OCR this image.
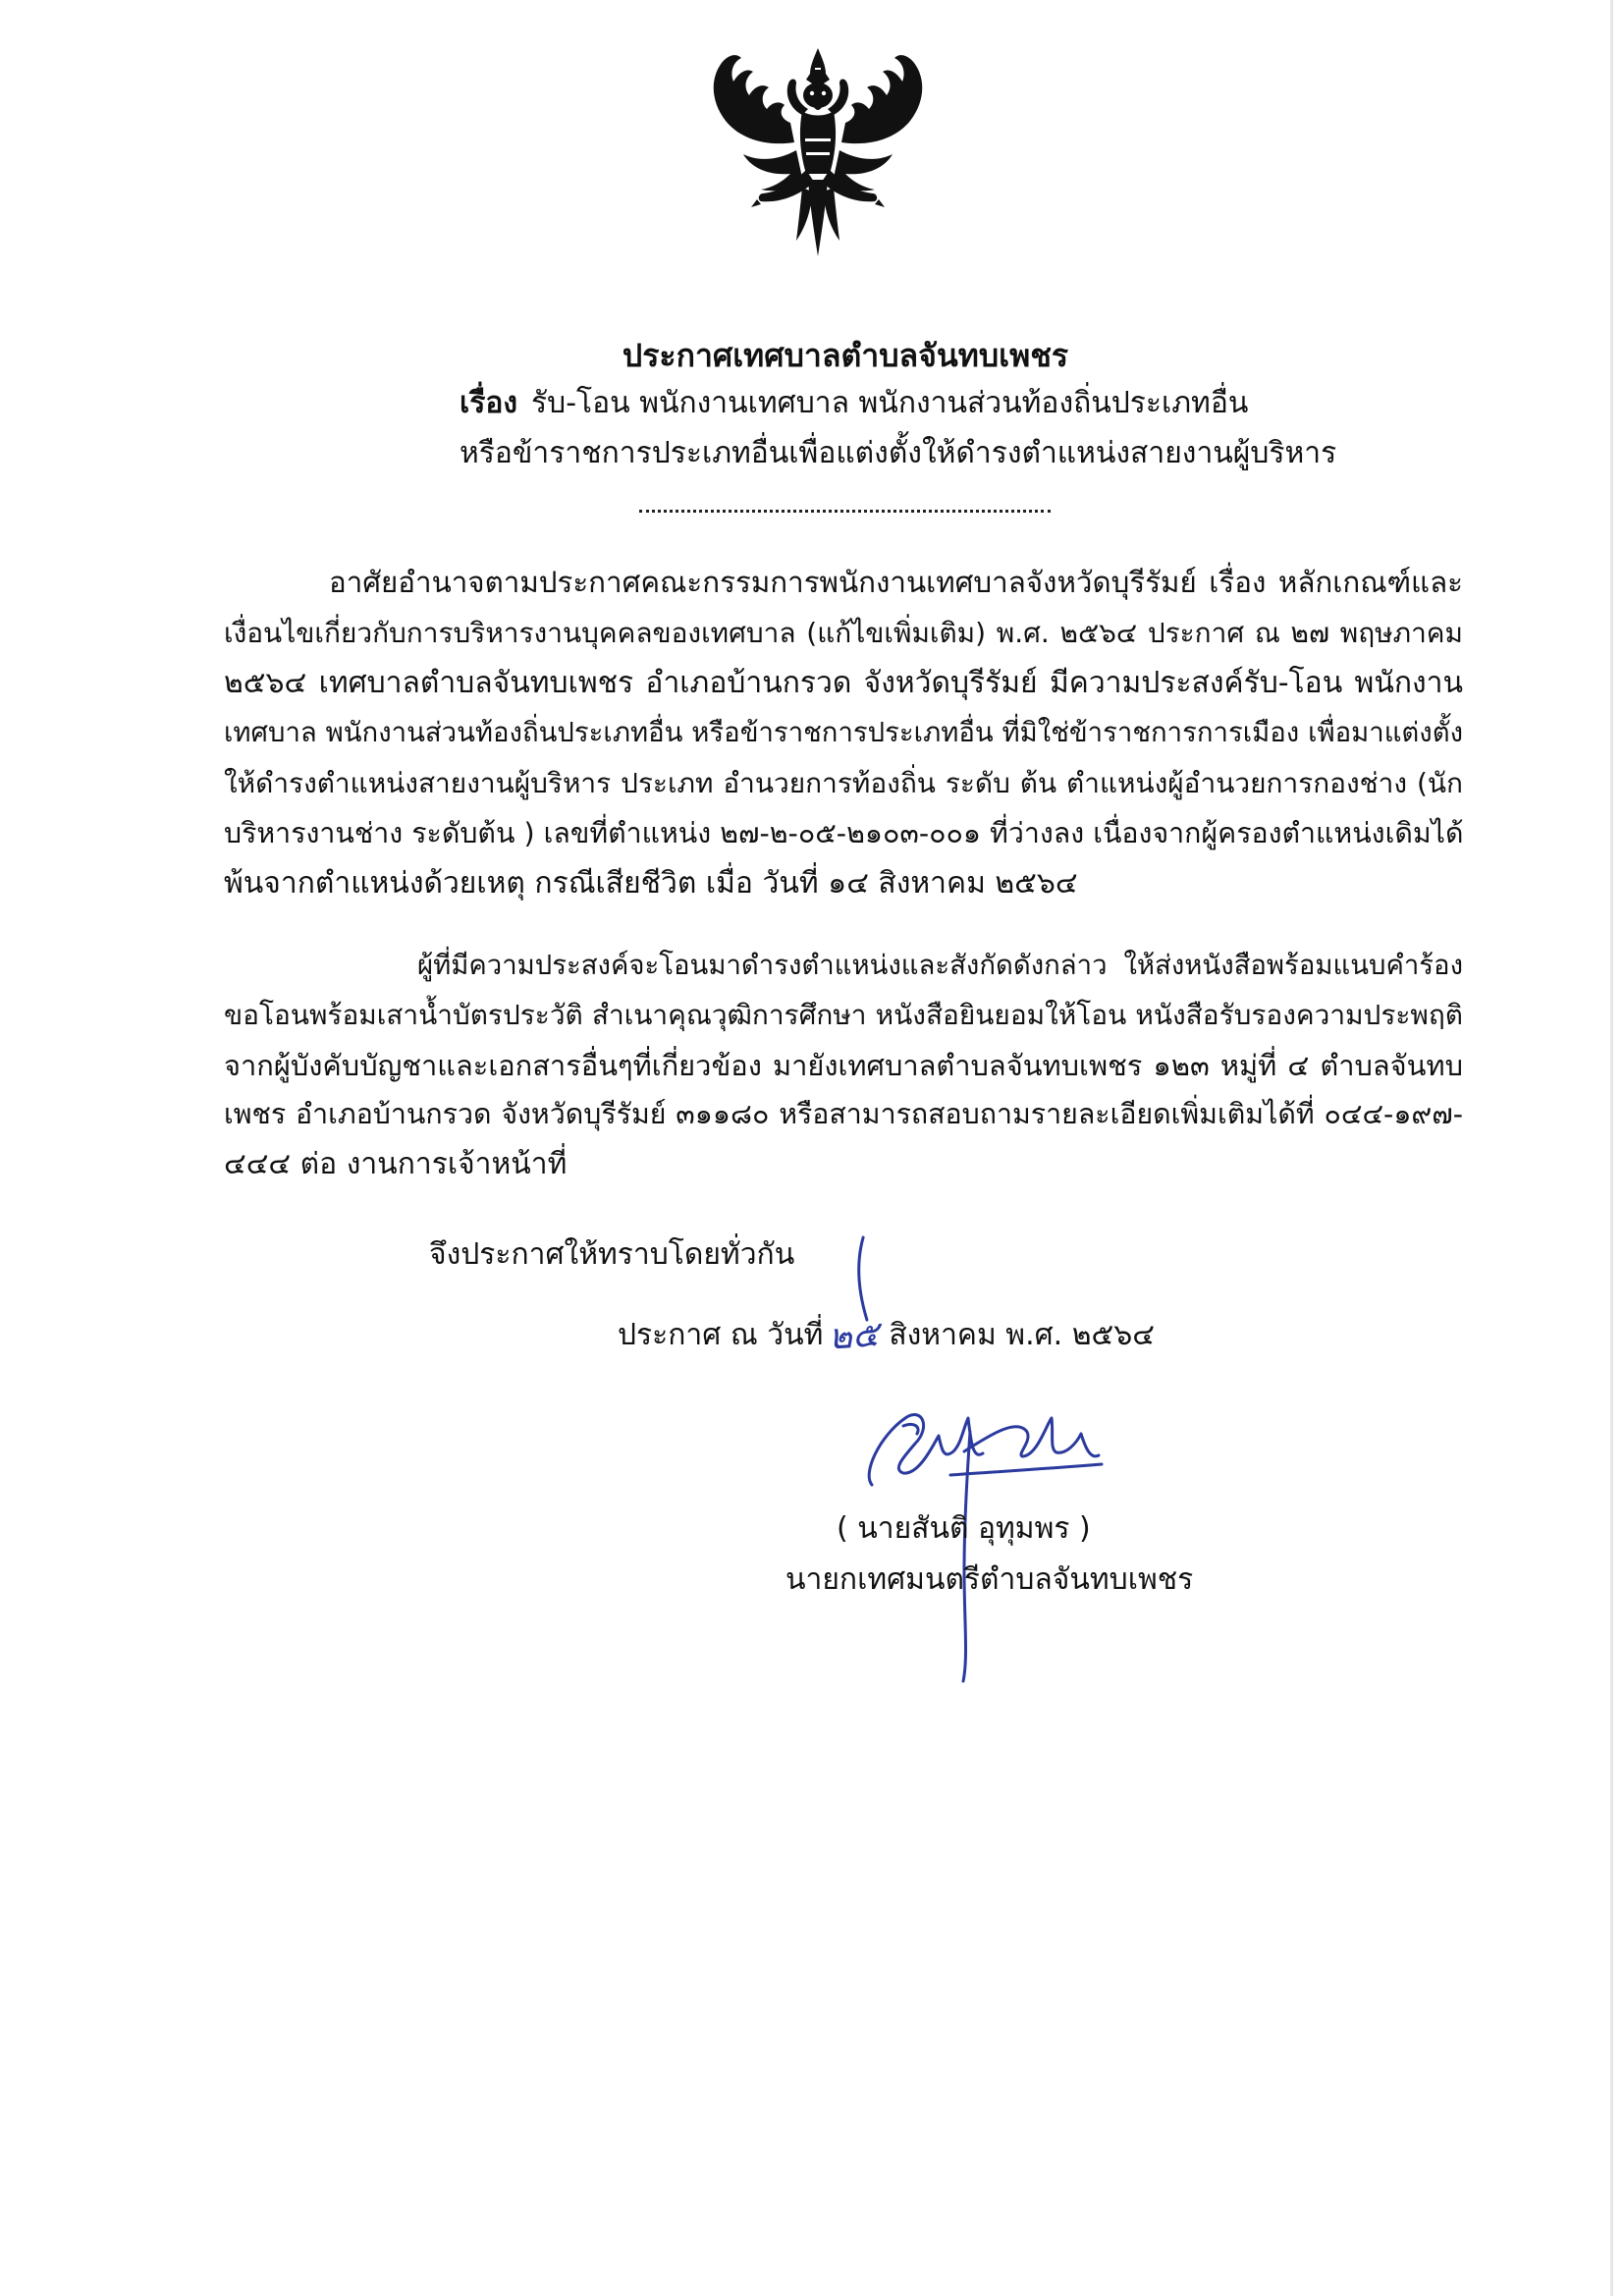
ประกาศเทศบาลตำบลจันทบเพชร
เรื่อง รับ-โอน พนักงานเทศบาล พนักงานส่วนท้องถิ่นประเภทอื่น
หรือข้าราชการประเภทอื่นเพื่อแต่งตั้งให้ดำรงตำแหน่งสายงานผู้บริหาร
อาศัยอำนาจตามประกาศคณะกรรมการพนักงานเทศบาลจังหวัดบุรีรัมย์ เรื่อง หลักเกณฑ์และ
เงื่อนไขเกี่ยวกับการบริหารงานบุคคลของเทศบาล (แก้ไขเพิ่มเติม) พ.ศ. ๒๕๖๔ ประกาศ ณ ๒๗ พฤษภาคม
๒๕๖๔ เทศบาลตำบลจันทบเพชร อำเภอบ้านกรวด จังหวัดบุรีรัมย์ มีความประสงค์รับ-โอน พนักงาน
เทศบาล พนักงานส่วนท้องถิ่นประเภทอื่น หรือข้าราชการประเภทอื่น ที่มิใช่ข้าราชการการเมือง เพื่อมาแต่งตั้ง
ให้ดำรงตำแหน่งสายงานผู้บริหาร ประเภท อำนวยการท้องถิ่น ระดับ ต้น ตำแหน่งผู้อำนวยการกองช่าง (นัก
บริหารงานช่าง ระดับต้น ) เลขที่ตำแหน่ง ๒๗-๒-๐๕-๒๑๐๓-๐๐๑ ที่ว่างลง เนื่องจากผู้ครองตำแหน่งเดิมได้
พ้นจากตำแหน่งด้วยเหตุ กรณีเสียชีวิต เมื่อ วันที่ ๑๔ สิงหาคม ๒๕๖๔
ผู้ที่มีความประสงค์จะโอนมาดำรงตำแหน่งและสังกัดดังกล่าว ให้ส่งหนังสือพร้อมแนบคำร้อง
ขอโอนพร้อมเสาน้ำบัตรประวัติ สำเนาคุณวุฒิการศึกษา หนังสือยินยอมให้โอน หนังสือรับรองความประพฤติ
จากผู้บังคับบัญชาและเอกสารอื่นๆที่เกี่ยวข้อง มายังเทศบาลตำบลจันทบเพชร ๑๒๓ หมู่ที่ ๔ ตำบลจันทบ
เพชร อำเภอบ้านกรวด จังหวัดบุรีรัมย์ ๓๑๑๘๐ หรือสามารถสอบถามรายละเอียดเพิ่มเติมได้ที่ ๐๔๔-๑๙๗-
๔๔๔ ต่อ งานการเจ้าหน้าที่
จึงประกาศให้ทราบโดยทั่วกัน
ประกาศ ณ วันที่ ๒๕ สิงหาคม พ.ศ. ๒๕๖๔
( นายสันติ อุทุมพร )
นายกเทศมนตรีตำบลจันทบเพชร
